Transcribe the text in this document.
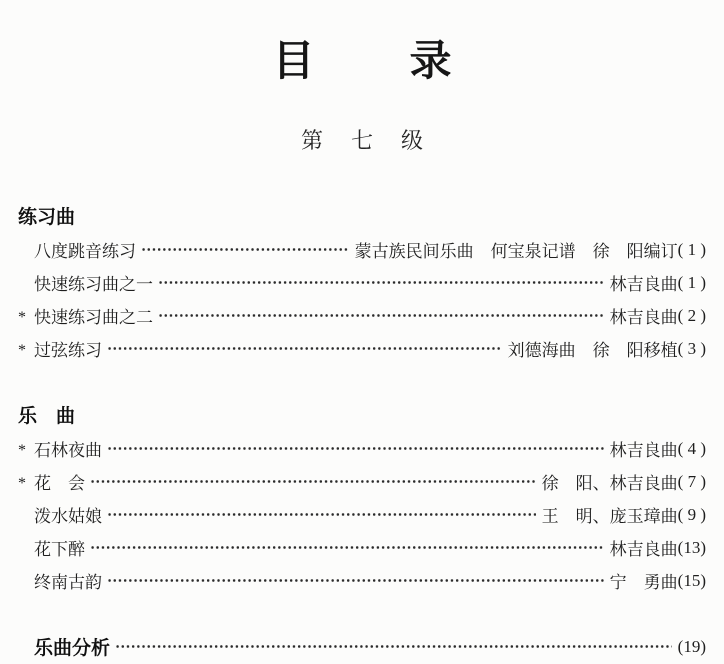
目 录
第 七 级
练习曲
八度跳音练习	蒙古族民间乐曲　何宝泉记谱　徐　阳编订 ( 1 )
快速练习曲之一	林吉良曲 ( 1 )
* 快速练习曲之二	林吉良曲 ( 2 )
* 过弦练习	刘德海曲　徐　阳移植 ( 3 )
乐　曲
* 石林夜曲	林吉良曲 ( 4 )
* 花　会	徐　阳、林吉良曲 ( 7 )
泼水姑娘	王　明、庞玉璋曲 ( 9 )
花下醉	林吉良曲 (13)
终南古韵	宁　勇曲 (15)
乐曲分析	(19)
